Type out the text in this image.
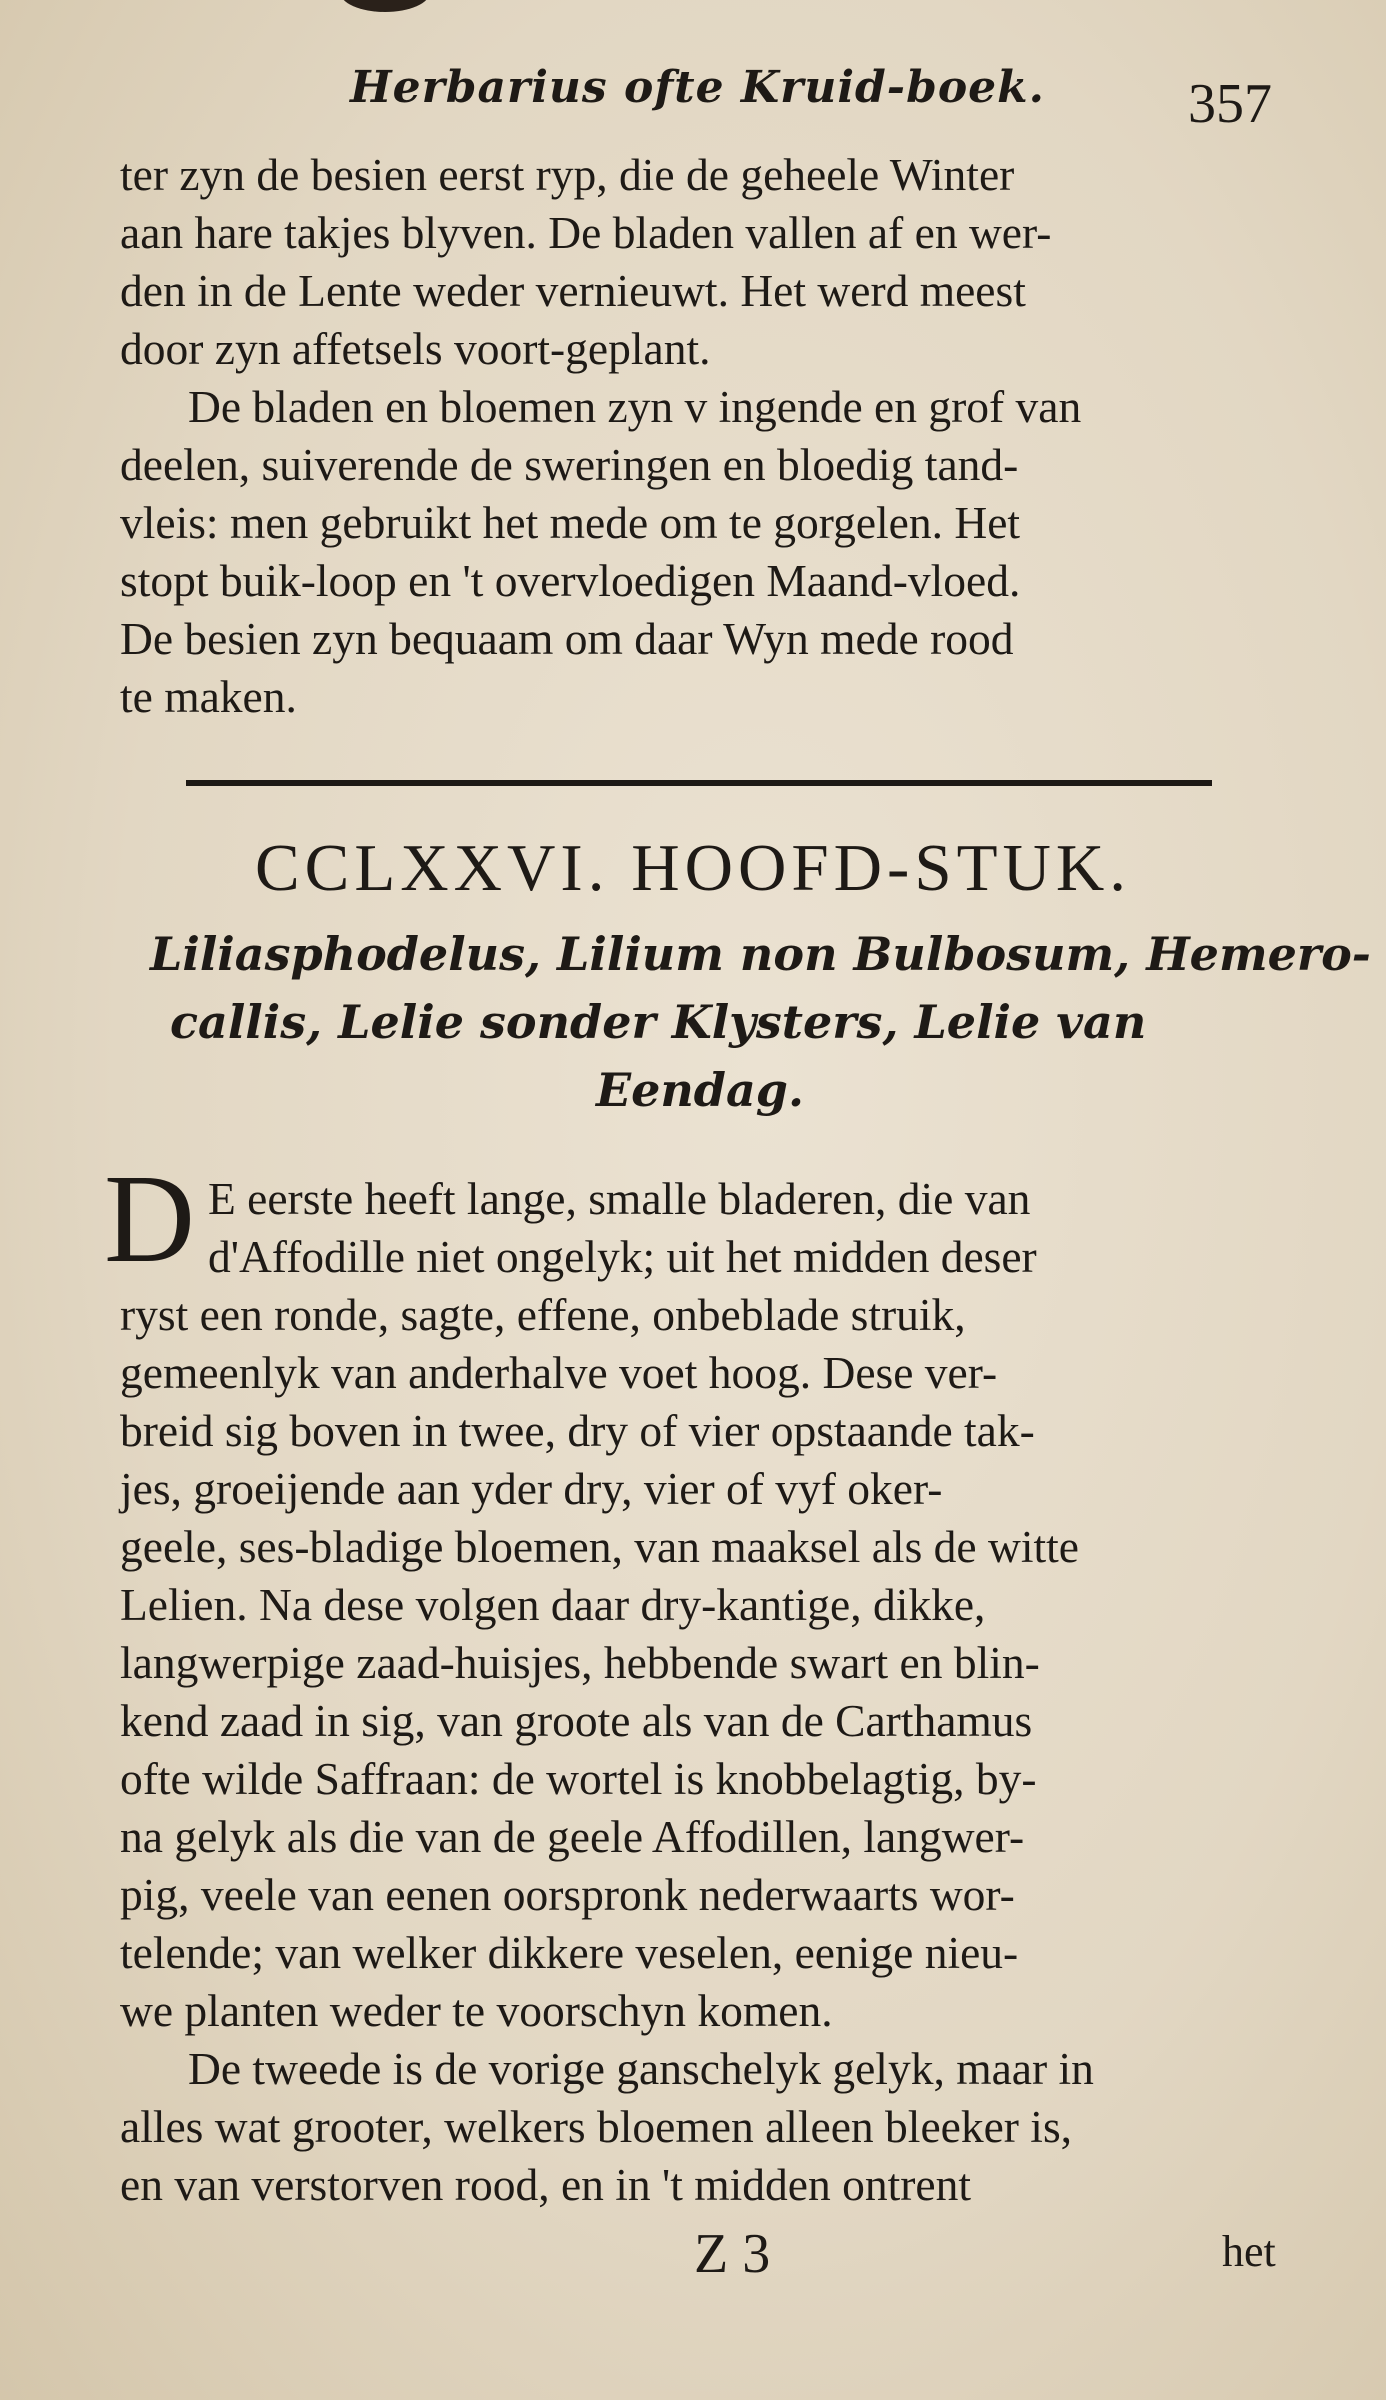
Herbarius ofte Kruid-boek.	357
ter zyn de besien eerst ryp, die de geheele Winter
aan hare takjes blyven. De bladen vallen af en wer-
den in de Lente weder vernieuwt. Het werd meest
door zyn affetsels voort-geplant.
De bladen en bloemen zyn v ingende en grof van
deelen, suiverende de sweringen en bloedig tand-
vleis: men gebruikt het mede om te gorgelen. Het
stopt buik-loop en 't overvloedigen Maand-vloed.
De besien zyn bequaam om daar Wyn mede rood
te maken.
CCLXXVI. HOOFD-STUK.
Liliasphodelus, Lilium non Bulbosum, Hemero-
callis, Lelie sonder Klysters, Lelie van
Eendag.
D E eerste heeft lange, smalle bladeren, die van
d'Affodille niet ongelyk; uit het midden deser
ryst een ronde, sagte, effene, onbeblade struik,
gemeenlyk van anderhalve voet hoog. Dese ver-
breid sig boven in twee, dry of vier opstaande tak-
jes, groeijende aan yder dry, vier of vyf oker-
geele, ses-bladige bloemen, van maaksel als de witte
Lelien. Na dese volgen daar dry-kantige, dikke,
langwerpige zaad-huisjes, hebbende swart en blin-
kend zaad in sig, van groote als van de Carthamus
ofte wilde Saffraan: de wortel is knobbelagtig, by-
na gelyk als die van de geele Affodillen, langwer-
pig, veele van eenen oorspronk nederwaarts wor-
telende; van welker dikkere veselen, eenige nieu-
we planten weder te voorschyn komen.
De tweede is de vorige ganschelyk gelyk, maar in
alles wat grooter, welkers bloemen alleen bleeker is,
en van verstorven rood, en in 't midden ontrent
Z 3	het
